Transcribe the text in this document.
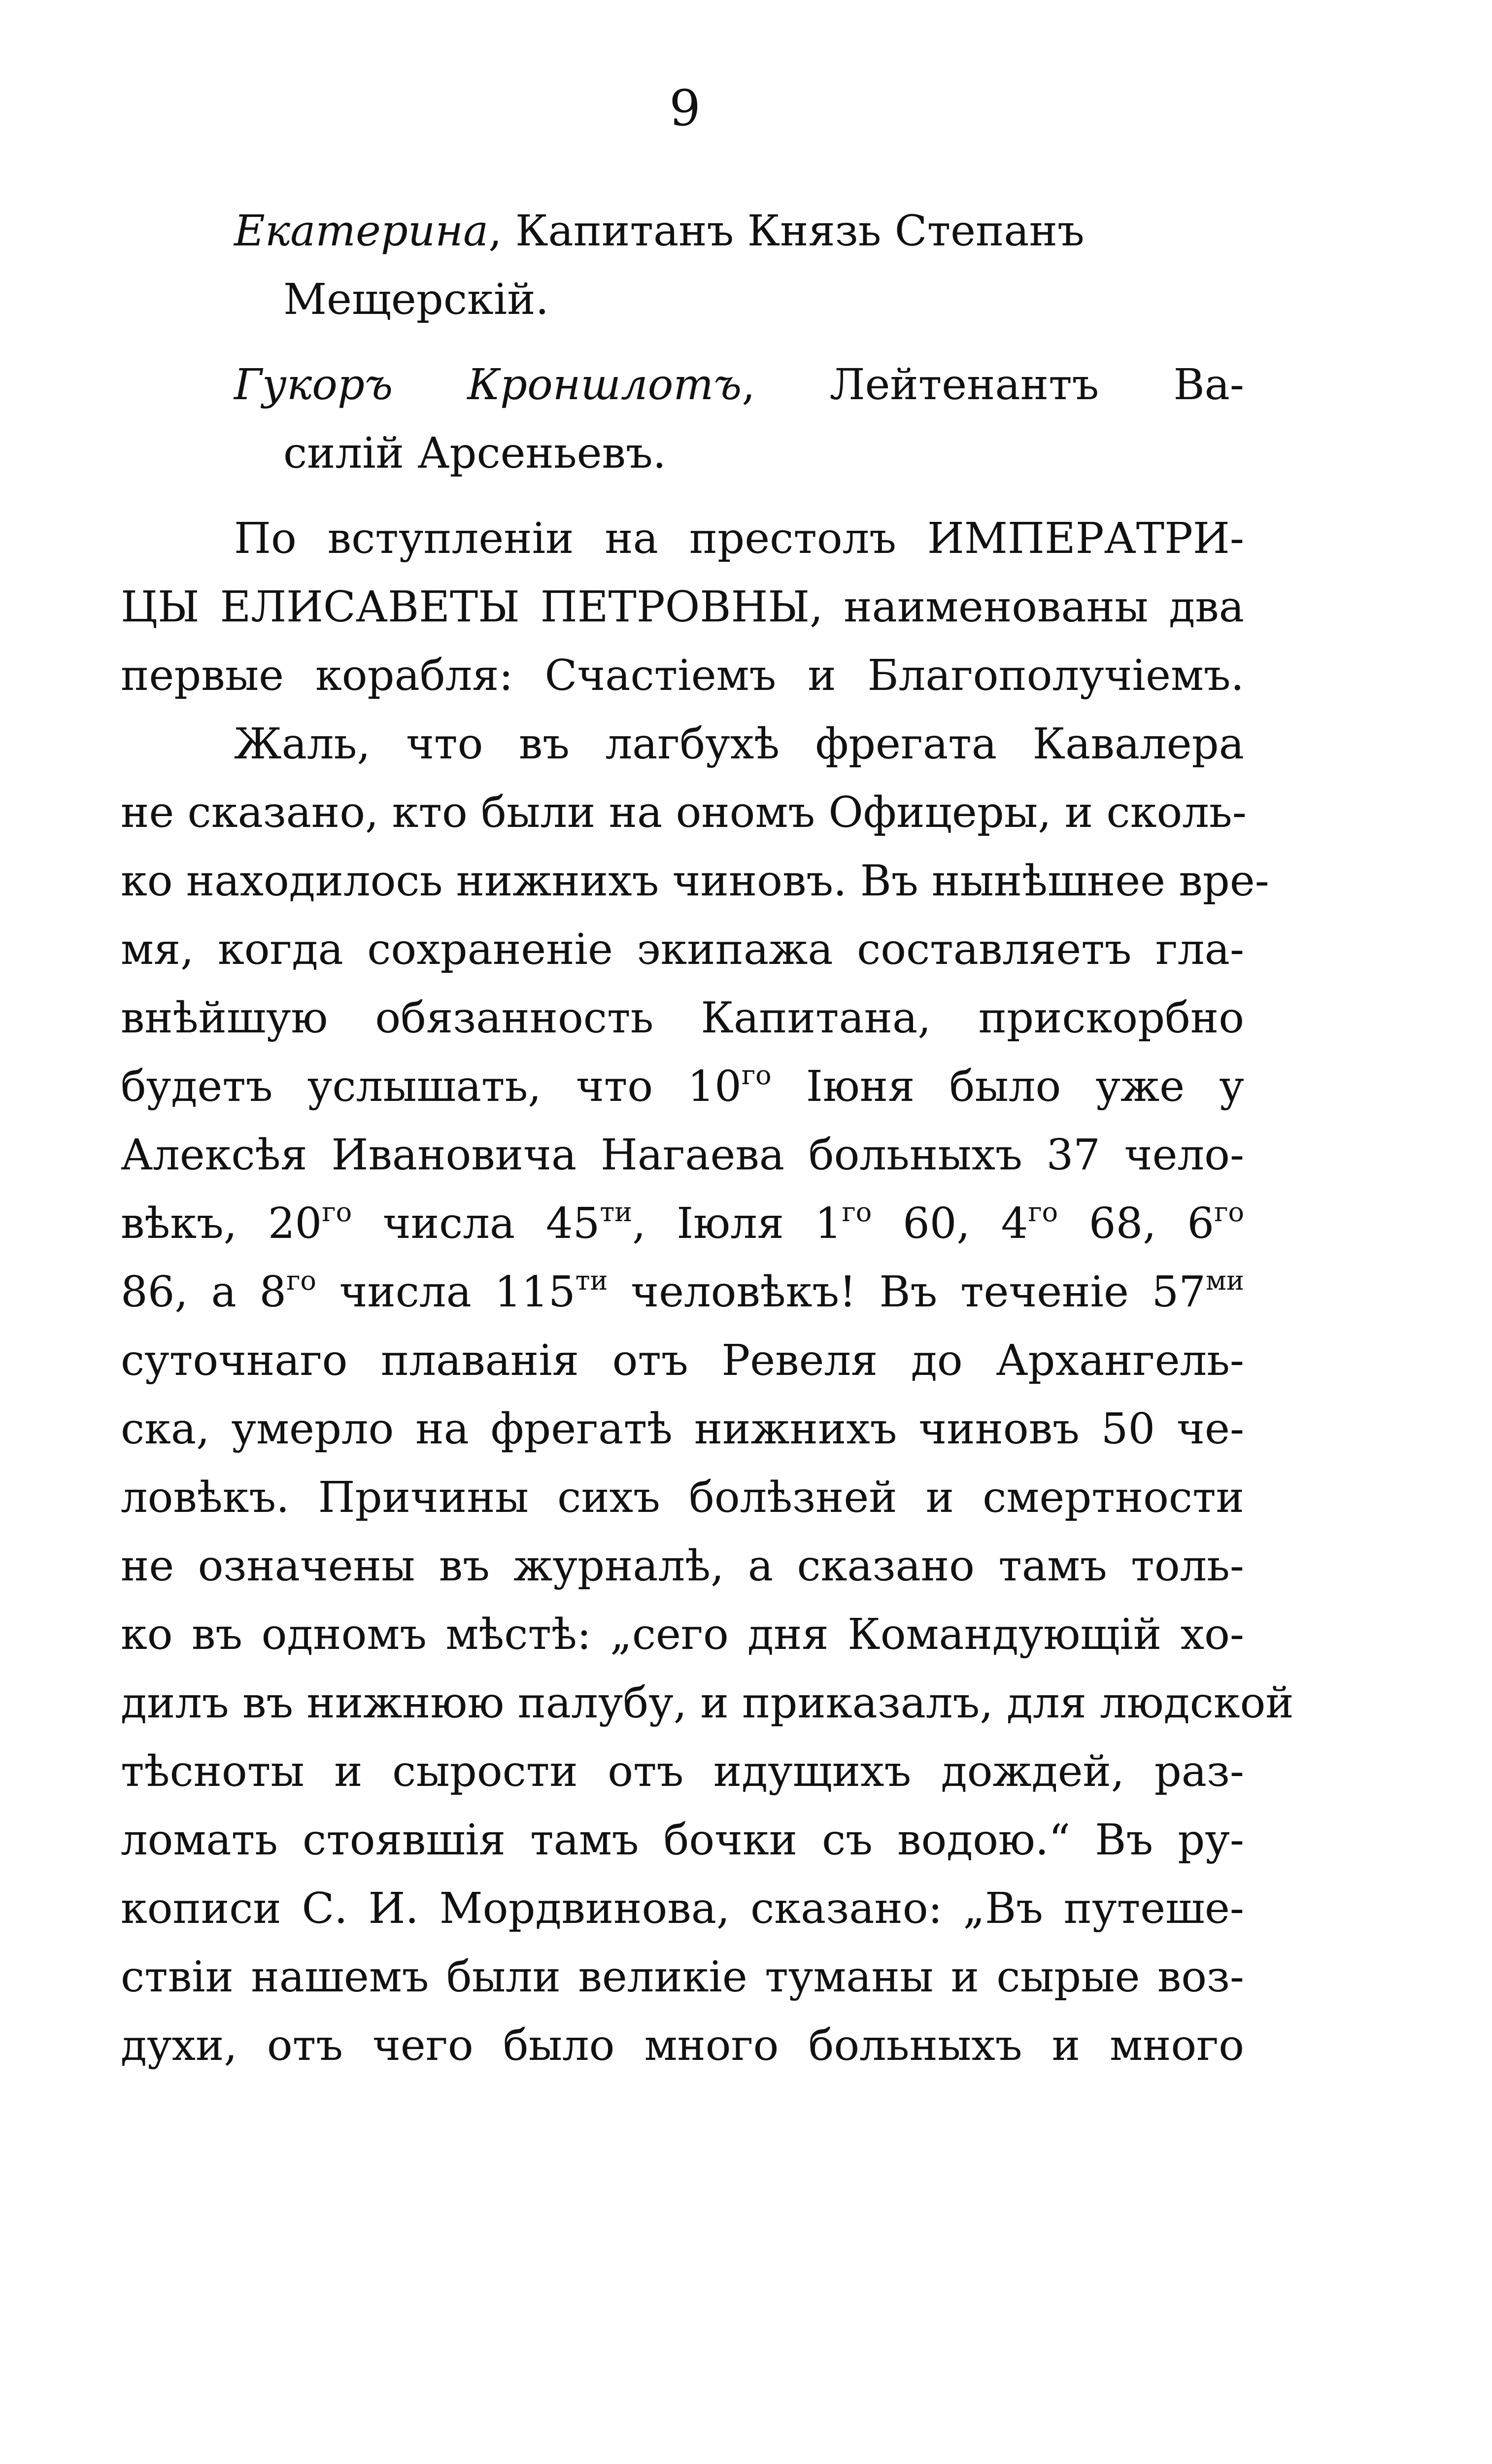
9
Екатерина, Капитанъ Князь Степанъ
Мещерскій.
Гукоръ Кроншлотъ, Лейтенантъ Ва-
силій Арсеньевъ.
По вступленіи на престолъ ИМПЕРАТРИ-
ЦЫ ЕЛИСАВЕТЫ ПЕТРОВНЫ, наименованы два
первые корабля: Счастіемъ и Благополучіемъ.
Жаль, что въ лагбухѣ фрегата Кавалера
не сказано, кто были на ономъ Офицеры, и сколь-
ко находилось нижнихъ чиновъ. Въ нынѣшнее вре-
мя, когда сохраненіе экипажа составляетъ гла-
внѣйшую обязанность Капитана, прискорбно
будетъ услышать, что $10^{го}$ Іюня было уже у
Алексѣя Ивановича Нагаева больныхъ 37 чело-
вѣкъ, $20^{го}$ числа $45^{ти}$, Іюля $1^{го}$ 60, $4^{го}$ 68, $6^{го}$
86, а $8^{го}$ числа $115^{ти}$ человѣкъ! Въ теченіе $57^{ми}$
суточнаго плаванія отъ Ревеля до Архангель-
ска, умерло на фрегатѣ нижнихъ чиновъ 50 че-
ловѣкъ. Причины сихъ болѣзней и смертности
не означены въ журналѣ, а сказано тамъ толь-
ко въ одномъ мѣстѣ: „сего дня Командующій хо-
дилъ въ нижнюю палубу, и приказалъ, для людской
тѣсноты и сырости отъ идущихъ дождей, раз-
ломать стоявшія тамъ бочки съ водою.“ Въ ру-
кописи С. И. Мордвинова, сказано: „Въ путеше-
ствіи нашемъ были великіе туманы и сырые воз-
духи, отъ чего было много больныхъ и много
